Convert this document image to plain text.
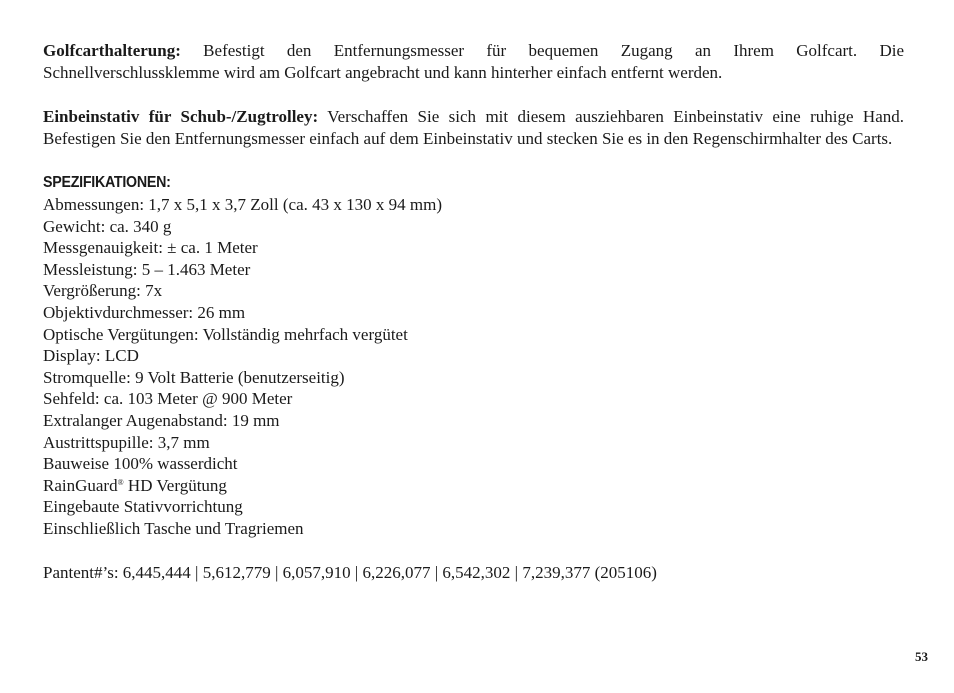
Golfcarthalterung: Befestigt den Entfernungsmesser für bequemen Zugang an Ihrem Golfcart. Die Schnellverschlussklemme wird am Golfcart angebracht und kann hinterher einfach entfernt werden.

Einbeinstativ für Schub-/Zugtrolley: Verschaffen Sie sich mit diesem ausziehbaren Einbeinstativ eine ruhige Hand. Befestigen Sie den Entfernungsmesser einfach auf dem Einbeinstativ und stecken Sie es in den Regenschirmhalter des Carts.

SPEZIFIKATIONEN:
Abmessungen: 1,7 x 5,1 x 3,7 Zoll (ca. 43 x 130 x 94 mm)
Gewicht: ca. 340 g
Messgenauigkeit: ± ca. 1 Meter
Messleistung: 5 – 1.463 Meter
Vergrößerung: 7x
Objektivdurchmesser: 26 mm
Optische Vergütungen: Vollständig mehrfach vergütet
Display: LCD
Stromquelle: 9 Volt Batterie (benutzerseitig)
Sehfeld: ca. 103 Meter @ 900 Meter
Extralanger Augenabstand: 19 mm
Austrittspupille: 3,7 mm
Bauweise 100% wasserdicht
RainGuard® HD Vergütung
Eingebaute Stativvorrichtung
Einschließlich Tasche und Tragriemen

Pantent#’s: 6,445,444 | 5,612,779 | 6,057,910 | 6,226,077 | 6,542,302 | 7,239,377 (205106)

53
